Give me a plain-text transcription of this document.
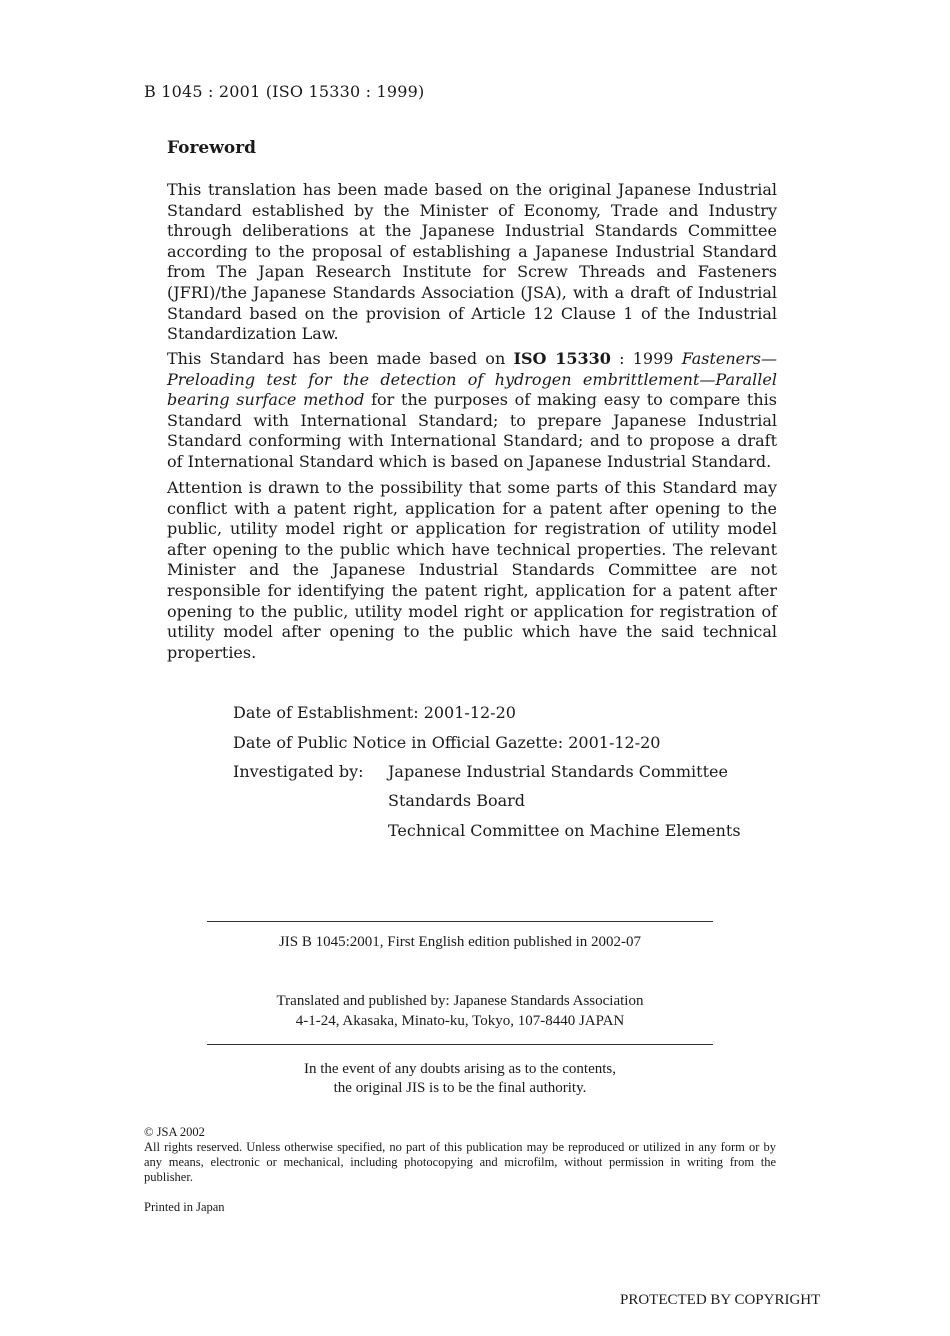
B 1045 : 2001 (ISO 15330 : 1999)
Foreword
This translation has been made based on the original Japanese Industrial Standard established by the Minister of Economy, Trade and Industry through deliberations at the Japanese Industrial Standards Committee according to the proposal of establishing a Japanese Industrial Standard from The Japan Research Institute for Screw Threads and Fasteners (JFRI)/the Japanese Standards Association (JSA), with a draft of Industrial Standard based on the provision of Article 12 Clause 1 of the Industrial Standardization Law.
This Standard has been made based on ISO 15330 : 1999 Fasteners—Preloading test for the detection of hydrogen embrittlement—Parallel bearing surface method for the purposes of making easy to compare this Standard with International Standard; to prepare Japanese Industrial Standard conforming with International Standard; and to propose a draft of International Standard which is based on Japanese Industrial Standard.
Attention is drawn to the possibility that some parts of this Standard may conflict with a patent right, application for a patent after opening to the public, utility model right or application for registration of utility model after opening to the public which have technical properties. The relevant Minister and the Japanese Industrial Standards Committee are not responsible for identifying the patent right, application for a patent after opening to the public, utility model right or application for registration of utility model after opening to the public which have the said technical properties.
Date of Establishment: 2001-12-20
Date of Public Notice in Official Gazette: 2001-12-20
Investigated by: Japanese Industrial Standards Committee
Standards Board
Technical Committee on Machine Elements
JIS B 1045:2001, First English edition published in 2002-07
Translated and published by: Japanese Standards Association
4-1-24, Akasaka, Minato-ku, Tokyo, 107-8440 JAPAN
In the event of any doubts arising as to the contents,
the original JIS is to be the final authority.
© JSA 2002
All rights reserved. Unless otherwise specified, no part of this publication may be reproduced or utilized in any form or by any means, electronic or mechanical, including photocopying and microfilm, without permission in writing from the publisher.
Printed in Japan
PROTECTED BY COPYRIGHT
